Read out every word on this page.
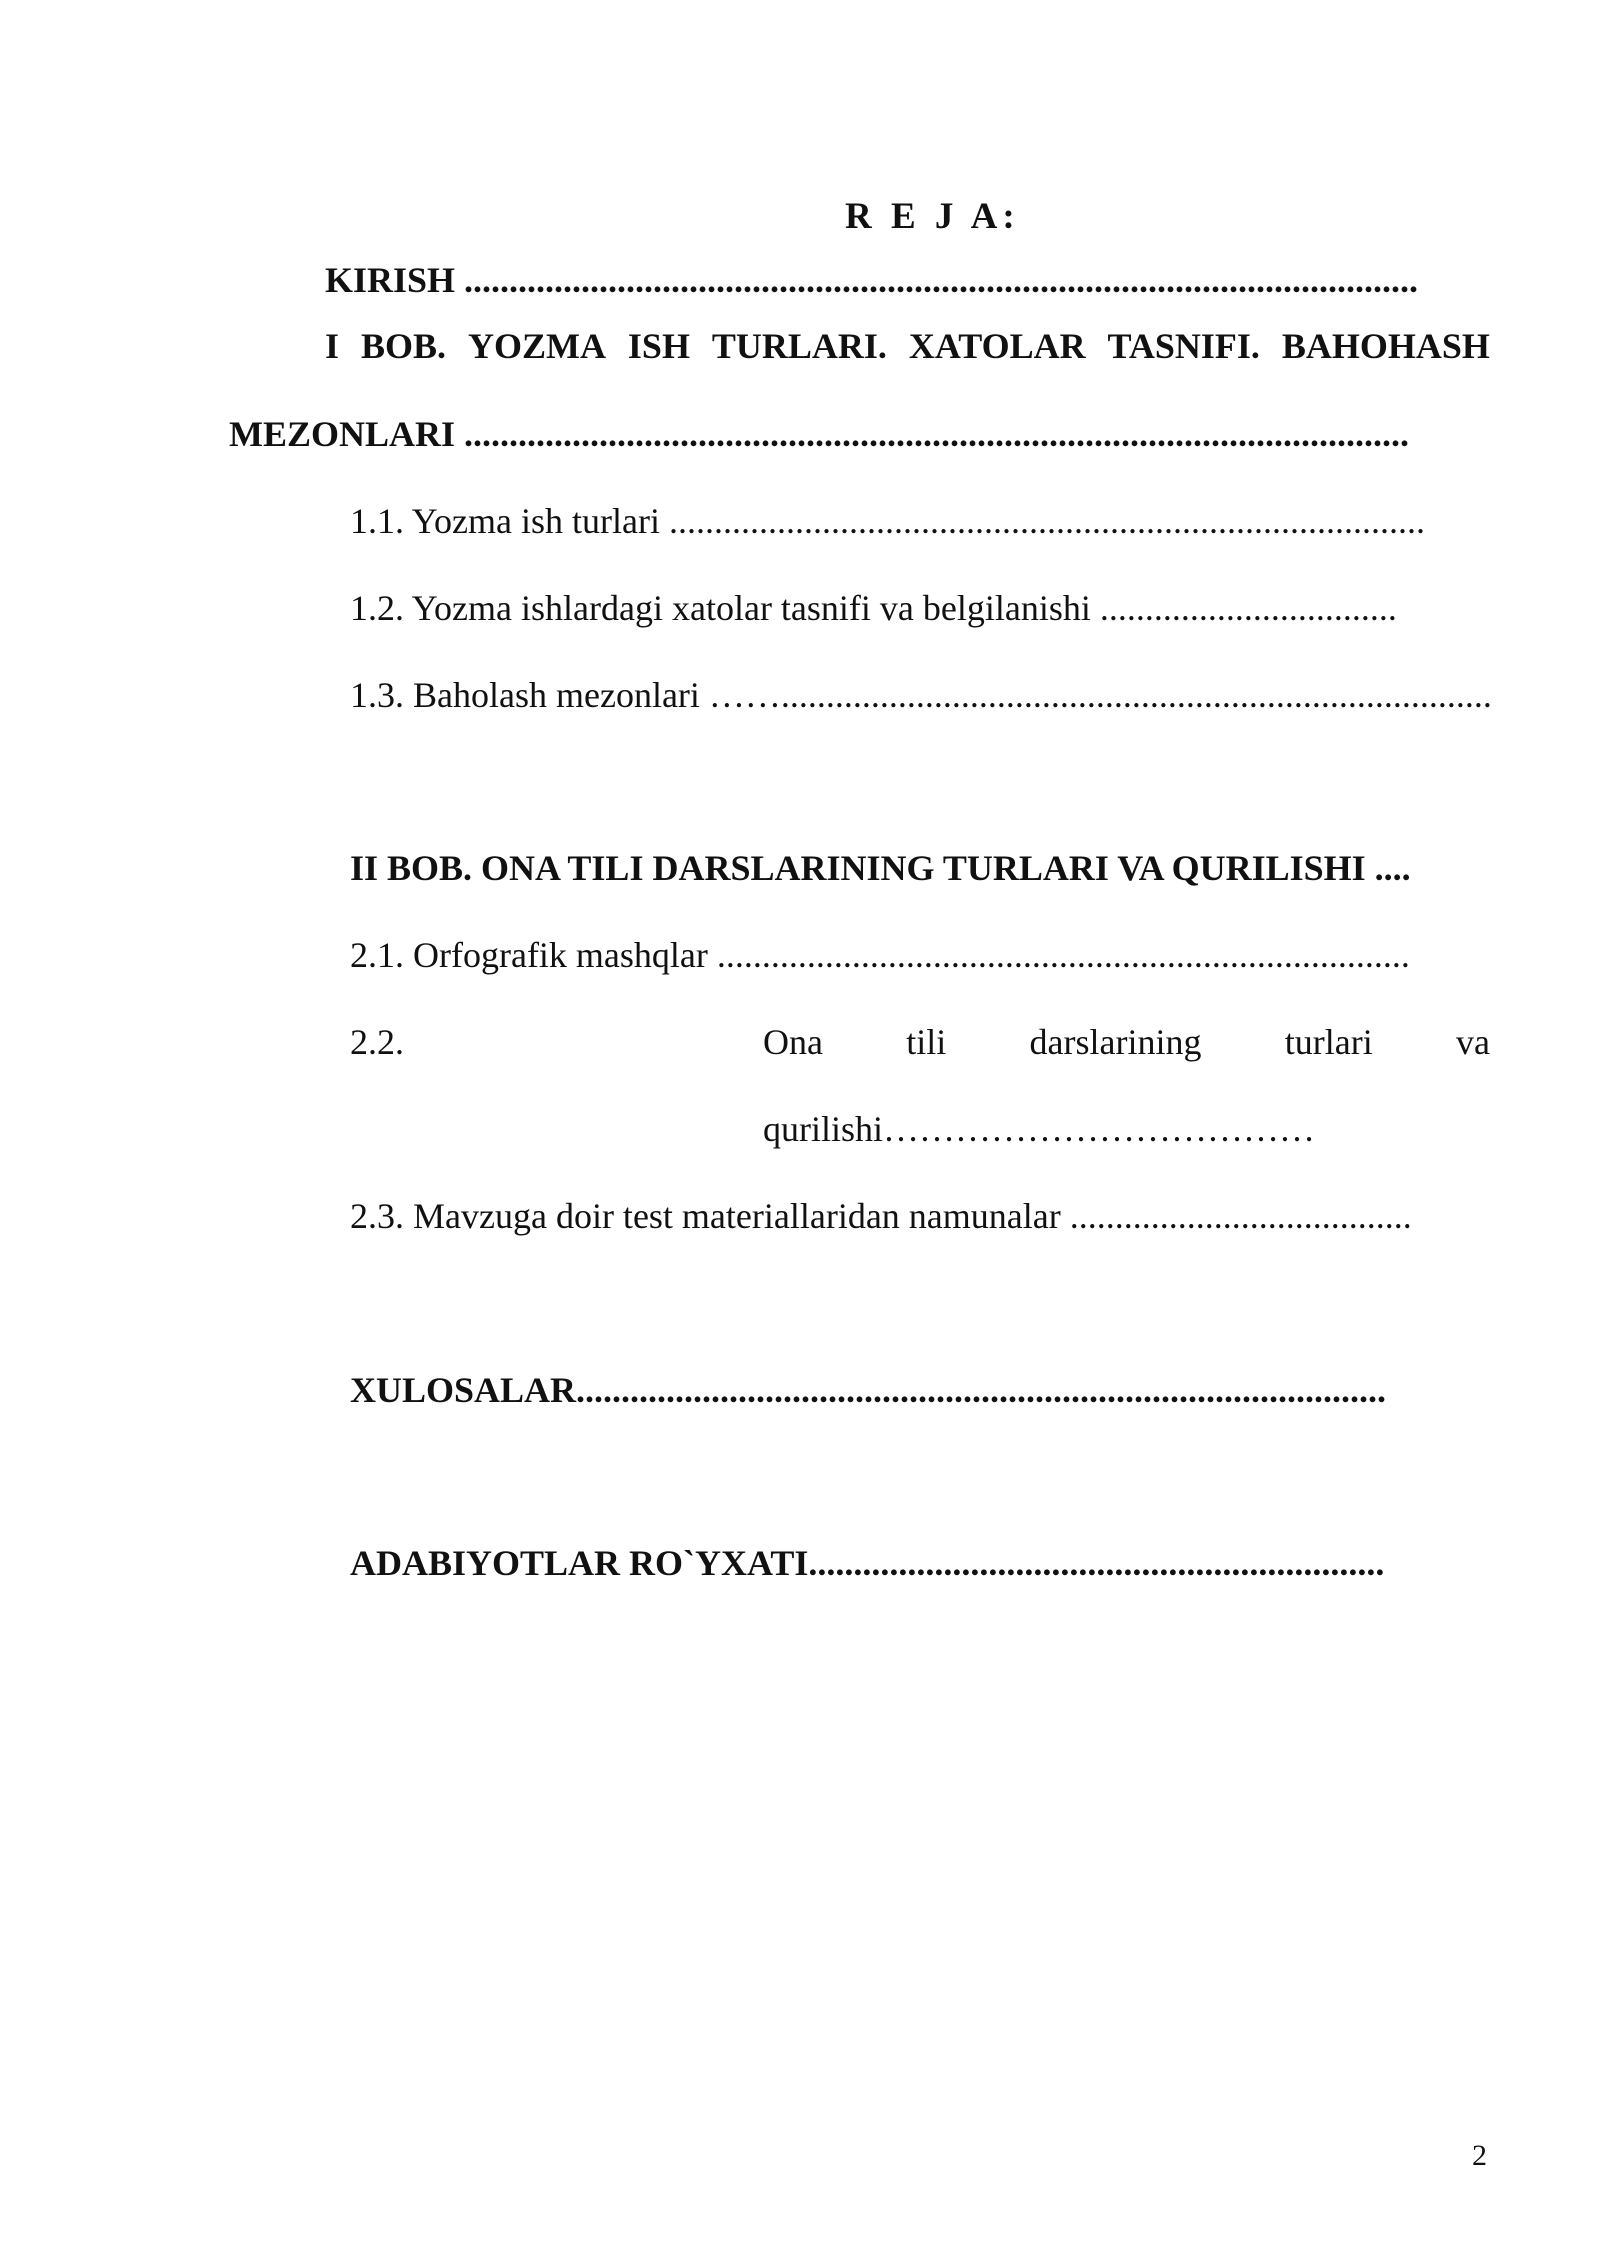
R E J A:
KIRISH ..........................................................................................................
I BOB. YOZMA ISH TURLARI. XATOLAR TASNIFI. BAHOHASH
MEZONLARI .........................................................................................................
1.1. Yozma ish turlari ....................................................................................
1.2. Yozma ishlardagi xatolar tasnifi va belgilanishi .................................
1.3. Baholash mezonlari ……...............................................................................
II BOB. ONA TILI DARSLARINING TURLARI VA QURILISHI ....
2.1. Orfografik mashqlar .............................................................................
2.2.	Ona tili darslarining turlari va
qurilishi………………………………
2.3. Mavzuga doir test materiallaridan namunalar ......................................
XULOSALAR..........................................................................................
ADABIYOTLAR RO`YXATI................................................................
2
